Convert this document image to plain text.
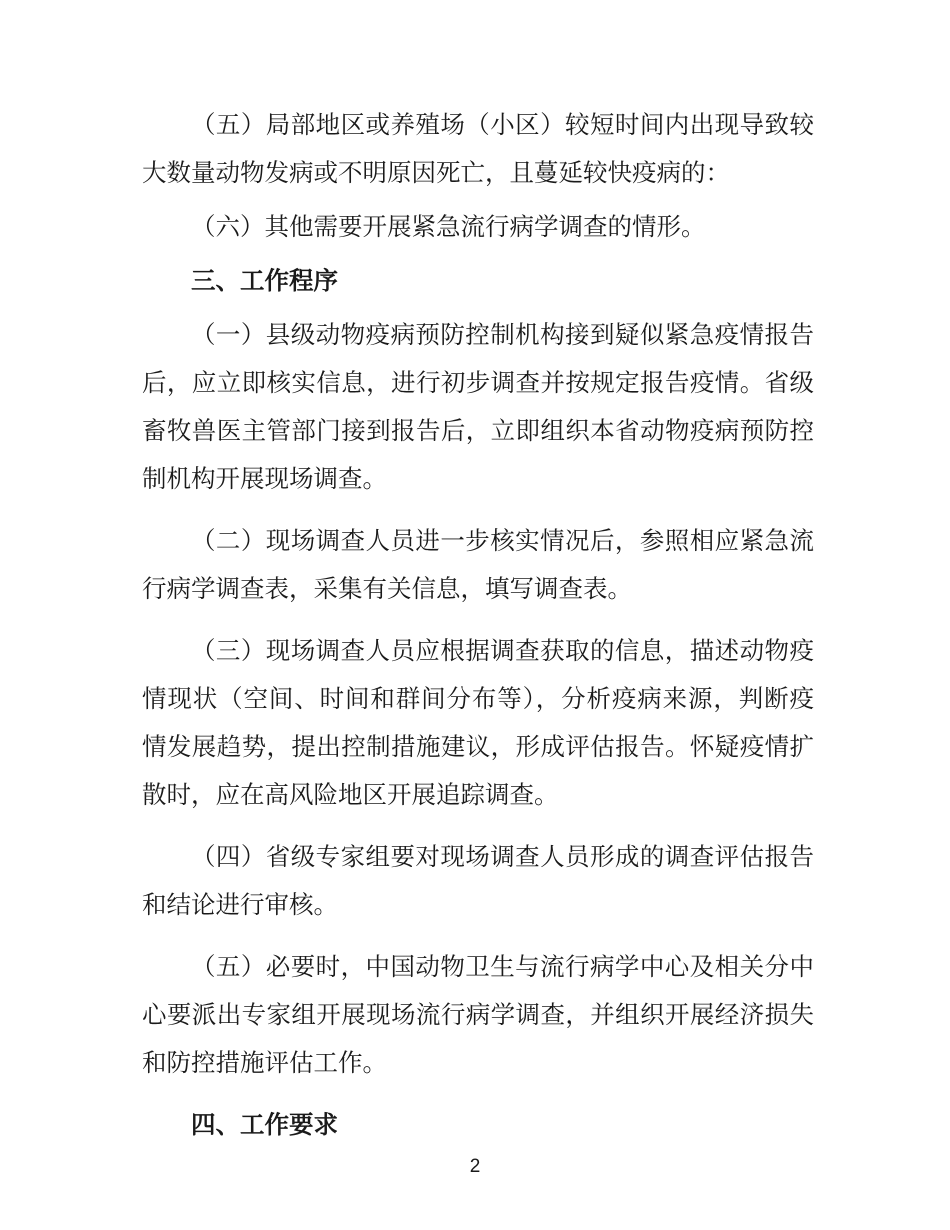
（五）局部地区或养殖场（小区）较短时间内出现导致较大数量动物发病或不明原因死亡，且蔓延较快疫病的：

（六）其他需要开展紧急流行病学调查的情形。

三、工作程序

（一）县级动物疫病预防控制机构接到疑似紧急疫情报告后，应立即核实信息，进行初步调查并按规定报告疫情。省级畜牧兽医主管部门接到报告后，立即组织本省动物疫病预防控制机构开展现场调查。

（二）现场调查人员进一步核实情况后，参照相应紧急流行病学调查表，采集有关信息，填写调查表。

（三）现场调查人员应根据调查获取的信息，描述动物疫情现状（空间、时间和群间分布等），分析疫病来源，判断疫情发展趋势，提出控制措施建议，形成评估报告。怀疑疫情扩散时，应在高风险地区开展追踪调查。

（四）省级专家组要对现场调查人员形成的调查评估报告和结论进行审核。

（五）必要时，中国动物卫生与流行病学中心及相关分中心要派出专家组开展现场流行病学调查，并组织开展经济损失和防控措施评估工作。

四、工作要求
2
